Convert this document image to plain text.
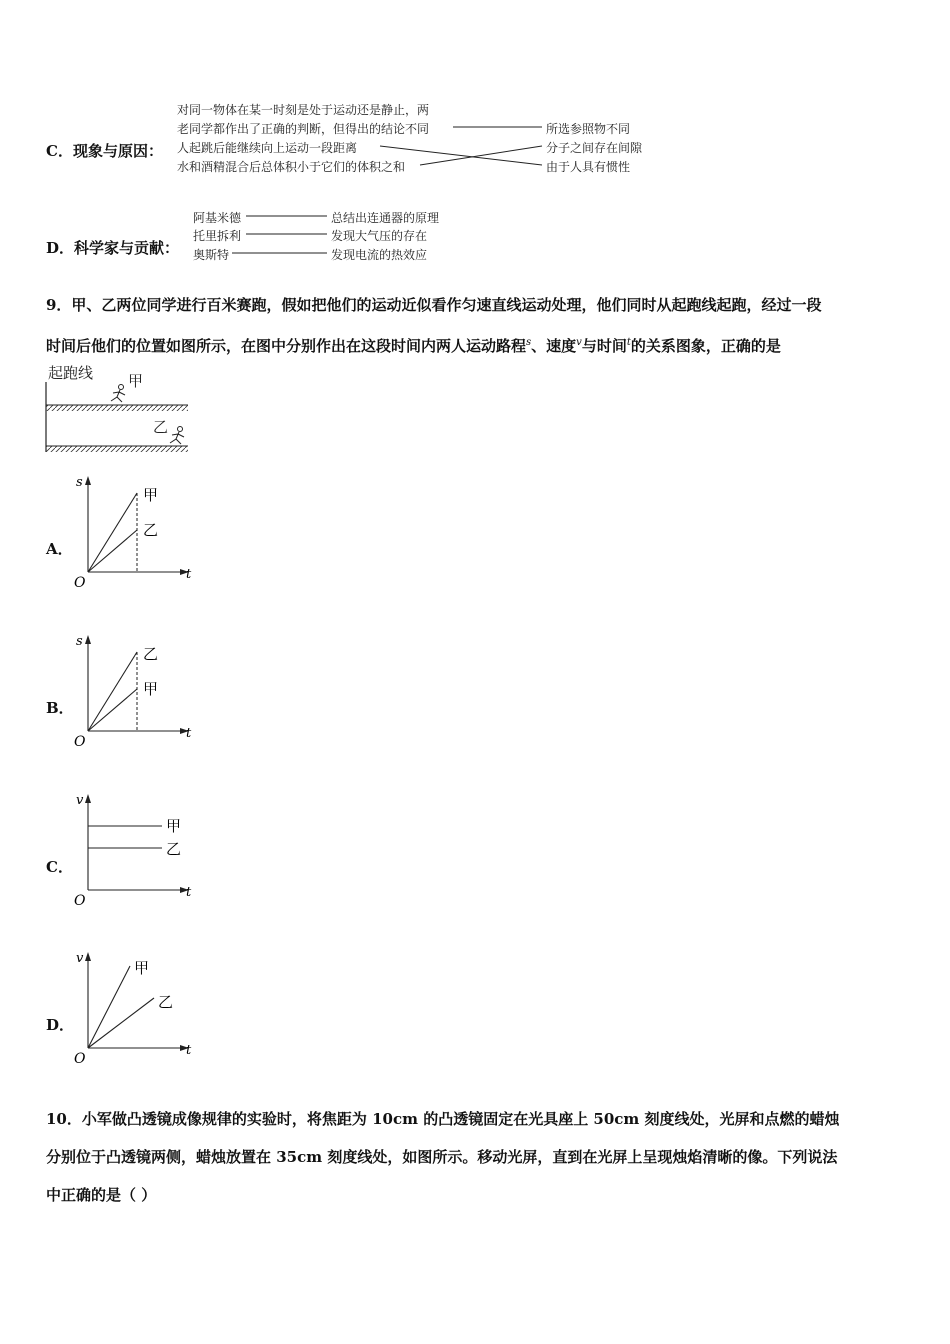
C．现象与原因：
对同一物体在某一时刻是处于运动还是静止，两
老同学都作出了正确的判断，但得出的结论不同
人起跳后能继续向上运动一段距离
水和酒精混合后总体积小于它们的体积之和
所选参照物不同
分子之间存在间隙
由于人具有惯性
D．科学家与贡献：
阿基米德
托里拆利
奥斯特
总结出连通器的原理
发现大气压的存在
发现电流的热效应
9．甲、乙两位同学进行百米赛跑，假如把他们的运动近似看作匀速直线运动处理，他们同时从起跑线起跑，经过一段
时间后他们的位置如图所示，在图中分别作出在这段时间内两人运动路程$^s$、速度$^v$与时间$^t$的关系图象，正确的是
起跑线 甲
乙
A．
B．
C．
D．
s
t
O
甲
乙
s
t
O
乙
甲
v
t
O
甲
乙
v
t
O
甲
乙
10．小军做凸透镜成像规律的实验时，将焦距为 10cm 的凸透镜固定在光具座上 50cm 刻度线处，光屏和点燃的蜡烛
分别位于凸透镜两侧，蜡烛放置在 35cm 刻度线处，如图所示。移动光屏，直到在光屏上呈现烛焰清晰的像。下列说法
中正确的是（ ）
